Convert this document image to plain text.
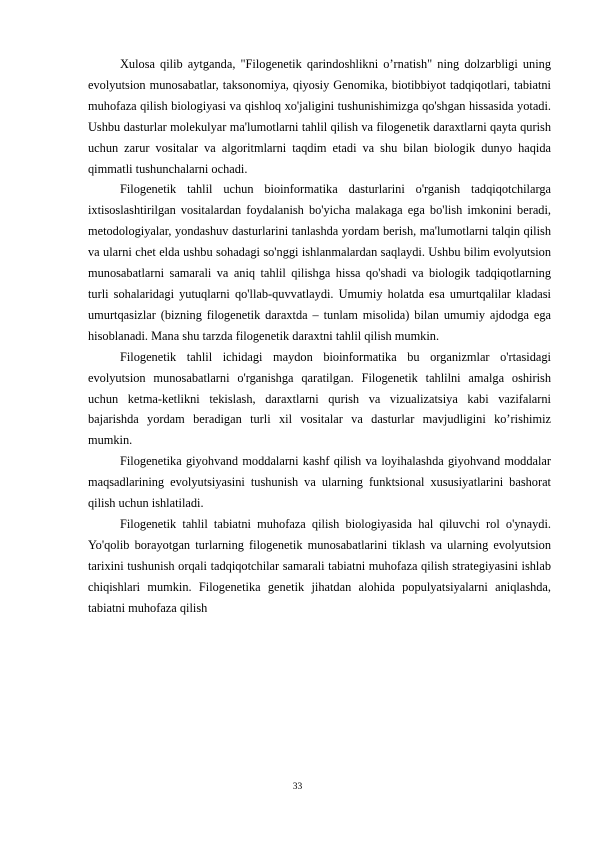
Xulosa qilib aytganda, "Filogenetik qarindoshlikni o’rnatish" ning dolzarbligi uning evolyutsion munosabatlar, taksonomiya, qiyosiy Genomika, biotibbiyot tadqiqotlari, tabiatni muhofaza qilish biologiyasi va qishloq xo'jaligini tushunishimizga qo'shgan hissasida yotadi. Ushbu dasturlar molekulyar ma'lumotlarni tahlil qilish va filogenetik daraxtlarni qayta qurish uchun zarur vositalar va algoritmlarni taqdim etadi va shu bilan biologik dunyo haqida qimmatli tushunchalarni ochadi.

Filogenetik tahlil uchun bioinformatika dasturlarini o'rganish tadqiqotchilarga ixtisoslashtirilgan vositalardan foydalanish bo'yicha malakaga ega bo'lish imkonini beradi, metodologiyalar, yondashuv dasturlarini tanlashda yordam berish, ma'lumotlarni talqin qilish va ularni chet elda ushbu sohadagi so'nggi ishlanmalardan saqlaydi. Ushbu bilim evolyutsion munosabatlarni samarali va aniq tahlil qilishga hissa qo'shadi va biologik tadqiqotlarning turli sohalaridagi yutuqlarni qo'llab-quvvatlaydi. Umumiy holatda esa umurtqalilar kladasi umurtqasizlar (bizning filogenetik daraxtda – tunlam misolida) bilan umumiy ajdodga ega hisoblanadi. Mana shu tarzda filogenetik daraxtni tahlil qilish mumkin.

Filogenetik tahlil ichidagi maydon bioinformatika bu organizmlar o'rtasidagi evolyutsion munosabatlarni o'rganishga qaratilgan. Filogenetik tahlilni amalga oshirish uchun ketma-ketlikni tekislash, daraxtlarni qurish va vizualizatsiya kabi vazifalarni bajarishda yordam beradigan turli xil vositalar va dasturlar mavjudligini ko’rishimiz mumkin.

Filogenetika giyohvand moddalarni kashf qilish va loyihalashda giyohvand moddalar maqsadlarining evolyutsiyasini tushunish va ularning funktsional xususiyatlarini bashorat qilish uchun ishlatiladi.

Filogenetik tahlil tabiatni muhofaza qilish biologiyasida hal qiluvchi rol o'ynaydi. Yo'qolib borayotgan turlarning filogenetik munosabatlarini tiklash va ularning evolyutsion tarixini tushunish orqali tadqiqotchilar samarali tabiatni muhofaza qilish strategiyasini ishlab chiqishlari mumkin. Filogenetika genetik jihatdan alohida populyatsiyalarni aniqlashda, tabiatni muhofaza qilish

33
